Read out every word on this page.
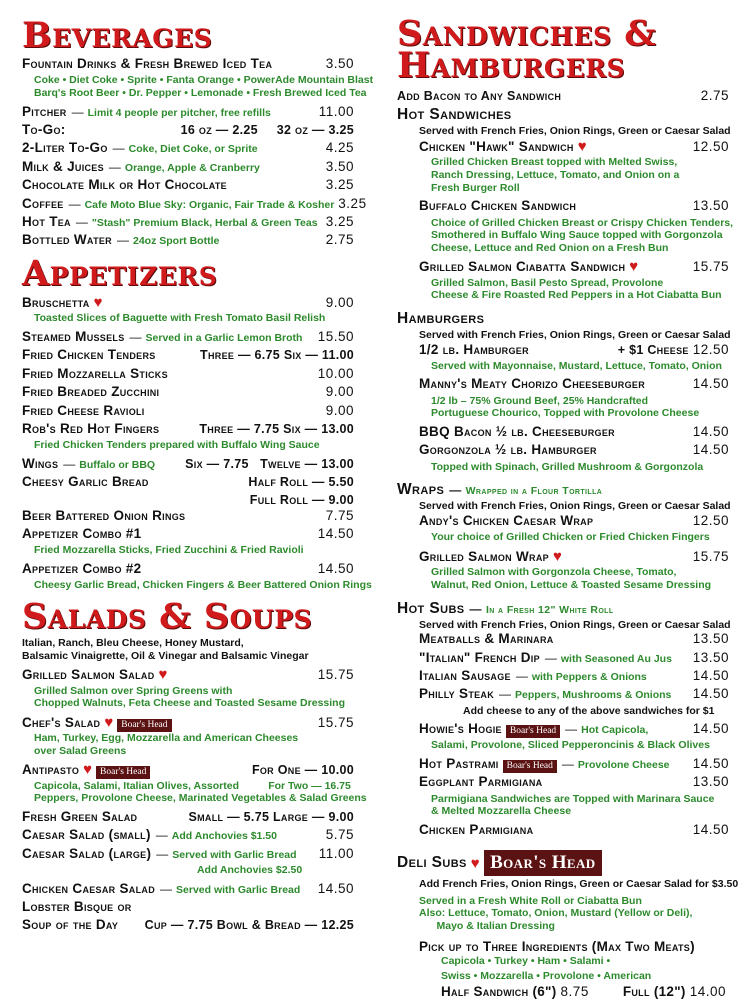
Beverages
Fountain Drinks & Fresh Brewed Iced Tea	3.50
Coke • Diet Coke • Sprite • Fanta Orange • PowerAde Mountain Blast
Barq's Root Beer • Dr. Pepper • Lemonade • Fresh Brewed Iced Tea
Pitcher — Limit 4 people per pitcher, free refills	11.00
To-Go:	16 oz — 2.25     32 oz — 3.25
2-Liter To-Go — Coke, Diet Coke, or Sprite	4.25
Milk & Juices — Orange, Apple & Cranberry	3.50
Chocolate Milk or Hot Chocolate	3.25
Coffee — Cafe Moto Blue Sky: Organic, Fair Trade & Kosher 3.25
Hot Tea — "Stash" Premium Black, Herbal & Green Teas 3.25
Bottled Water — 24oz Sport Bottle	2.75
Appetizers
Bruschetta ♥	9.00
Toasted Slices of Baguette with Fresh Tomato Basil Relish
Steamed Mussels — Served in a Garlic Lemon Broth 15.50
Fried Chicken Tenders	Three — 6.75 Six — 11.00
Fried Mozzarella Sticks	10.00
Fried Breaded Zucchini	9.00
Fried Cheese Ravioli	9.00
Rob's Red Hot Fingers	Three — 7.75 Six — 13.00
Fried Chicken Tenders prepared with Buffalo Wing Sauce
Wings — Buffalo or BBQ Six — 7.75   Twelve — 13.00
Cheesy Garlic Bread	Half Roll — 5.50
Full Roll — 9.00
Beer Battered Onion Rings	7.75
Appetizer Combo #1	14.50
Fried Mozzarella Sticks, Fried Zucchini & Fried Ravioli
Appetizer Combo #2	14.50
Cheesy Garlic Bread, Chicken Fingers & Beer Battered Onion Rings
Salads & Soups
Italian, Ranch, Bleu Cheese, Honey Mustard,
Balsamic Vinaigrette, Oil & Vinegar and Balsamic Vinegar
Grilled Salmon Salad ♥	15.75
Grilled Salmon over Spring Greens with
Chopped Walnuts, Feta Cheese and Toasted Sesame Dressing
Chef's Salad ♥ Boar's Head	15.75
Ham, Turkey, Egg, Mozzarella and American Cheeses
over Salad Greens
Antipasto ♥ Boar's Head	For One — 10.00
Capicola, Salami, Italian Olives, Assorted          For Two — 16.75
Peppers, Provolone Cheese, Marinated Vegetables & Salad Greens
Fresh Green Salad	Small — 5.75 Large — 9.00
Caesar Salad (small) — Add Anchovies $1.50	5.75
Caesar Salad (large) — Served with Garlic Bread 11.00
Add Anchovies $2.50
Chicken Caesar Salad — Served with Garlic Bread 14.50
Lobster Bisque or
Soup of the Day Cup — 7.75 Bowl & Bread — 12.25
Sandwiches &
Hamburgers
Add Bacon to Any Sandwich	2.75
Hot Sandwiches
Served with French Fries, Onion Rings, Green or Caesar Salad
Chicken "Hawk" Sandwich ♥	12.50
Grilled Chicken Breast topped with Melted Swiss,
Ranch Dressing, Lettuce, Tomato, and Onion on a
Fresh Burger Roll
Buffalo Chicken Sandwich	13.50
Choice of Grilled Chicken Breast or Crispy Chicken Tenders,
Smothered in Buffalo Wing Sauce topped with Gorgonzola
Cheese, Lettuce and Red Onion on a Fresh Bun
Grilled Salmon Ciabatta Sandwich ♥	15.75
Grilled Salmon, Basil Pesto Spread, Provolone
Cheese & Fire Roasted Red Peppers in a Hot Ciabatta Bun
Hamburgers
Served with French Fries, Onion Rings, Green or Caesar Salad
1/2 lb. Hamburger	+ $1 Cheese 12.50
Served with Mayonnaise, Mustard, Lettuce, Tomato, Onion
Manny's Meaty Chorizo Cheeseburger	14.50
1/2 lb – 75% Ground Beef, 25% Handcrafted
Portuguese Chourico, Topped with Provolone Cheese
BBQ Bacon ½ lb. Cheeseburger	14.50
Gorgonzola ½ lb. Hamburger	14.50
Topped with Spinach, Grilled Mushroom & Gorgonzola
Wraps — Wrapped in a Flour Tortilla
Served with French Fries, Onion Rings, Green or Caesar Salad
Andy's Chicken Caesar Wrap	12.50
Your choice of Grilled Chicken or Fried Chicken Fingers
Grilled Salmon Wrap ♥	15.75
Grilled Salmon with Gorgonzola Cheese, Tomato,
Walnut, Red Onion, Lettuce & Toasted Sesame Dressing
Hot Subs — In a Fresh 12" White Roll
Served with French Fries, Onion Rings, Green or Caesar Salad
Meatballs & Marinara	13.50
"Italian" French Dip — with Seasoned Au Jus 13.50
Italian Sausage — with Peppers & Onions	14.50
Philly Steak — Peppers, Mushrooms & Onions 14.50
Add cheese to any of the above sandwiches for $1
Howie's Hogie Boar's Head — Hot Capicola,	14.50
Salami, Provolone, Sliced Pepperoncinis & Black Olives
Hot Pastrami Boar's Head — Provolone Cheese 14.50
Eggplant Parmigiana	13.50
Parmigiana Sandwiches are Topped with Marinara Sauce
& Melted Mozzarella Cheese
Chicken Parmigiana	14.50
Deli Subs ♥ Boar's Head
Add French Fries, Onion Rings, Green or Caesar Salad for $3.50
Served in a Fresh White Roll or Ciabatta Bun
Also: Lettuce, Tomato, Onion, Mustard (Yellow or Deli),
Mayo & Italian Dressing
Pick up to Three Ingredients (Max Two Meats)
Capicola • Turkey • Ham • Salami •
Swiss • Mozzarella • Provolone • American
Half Sandwich (6") 8.75	Full (12") 14.00
